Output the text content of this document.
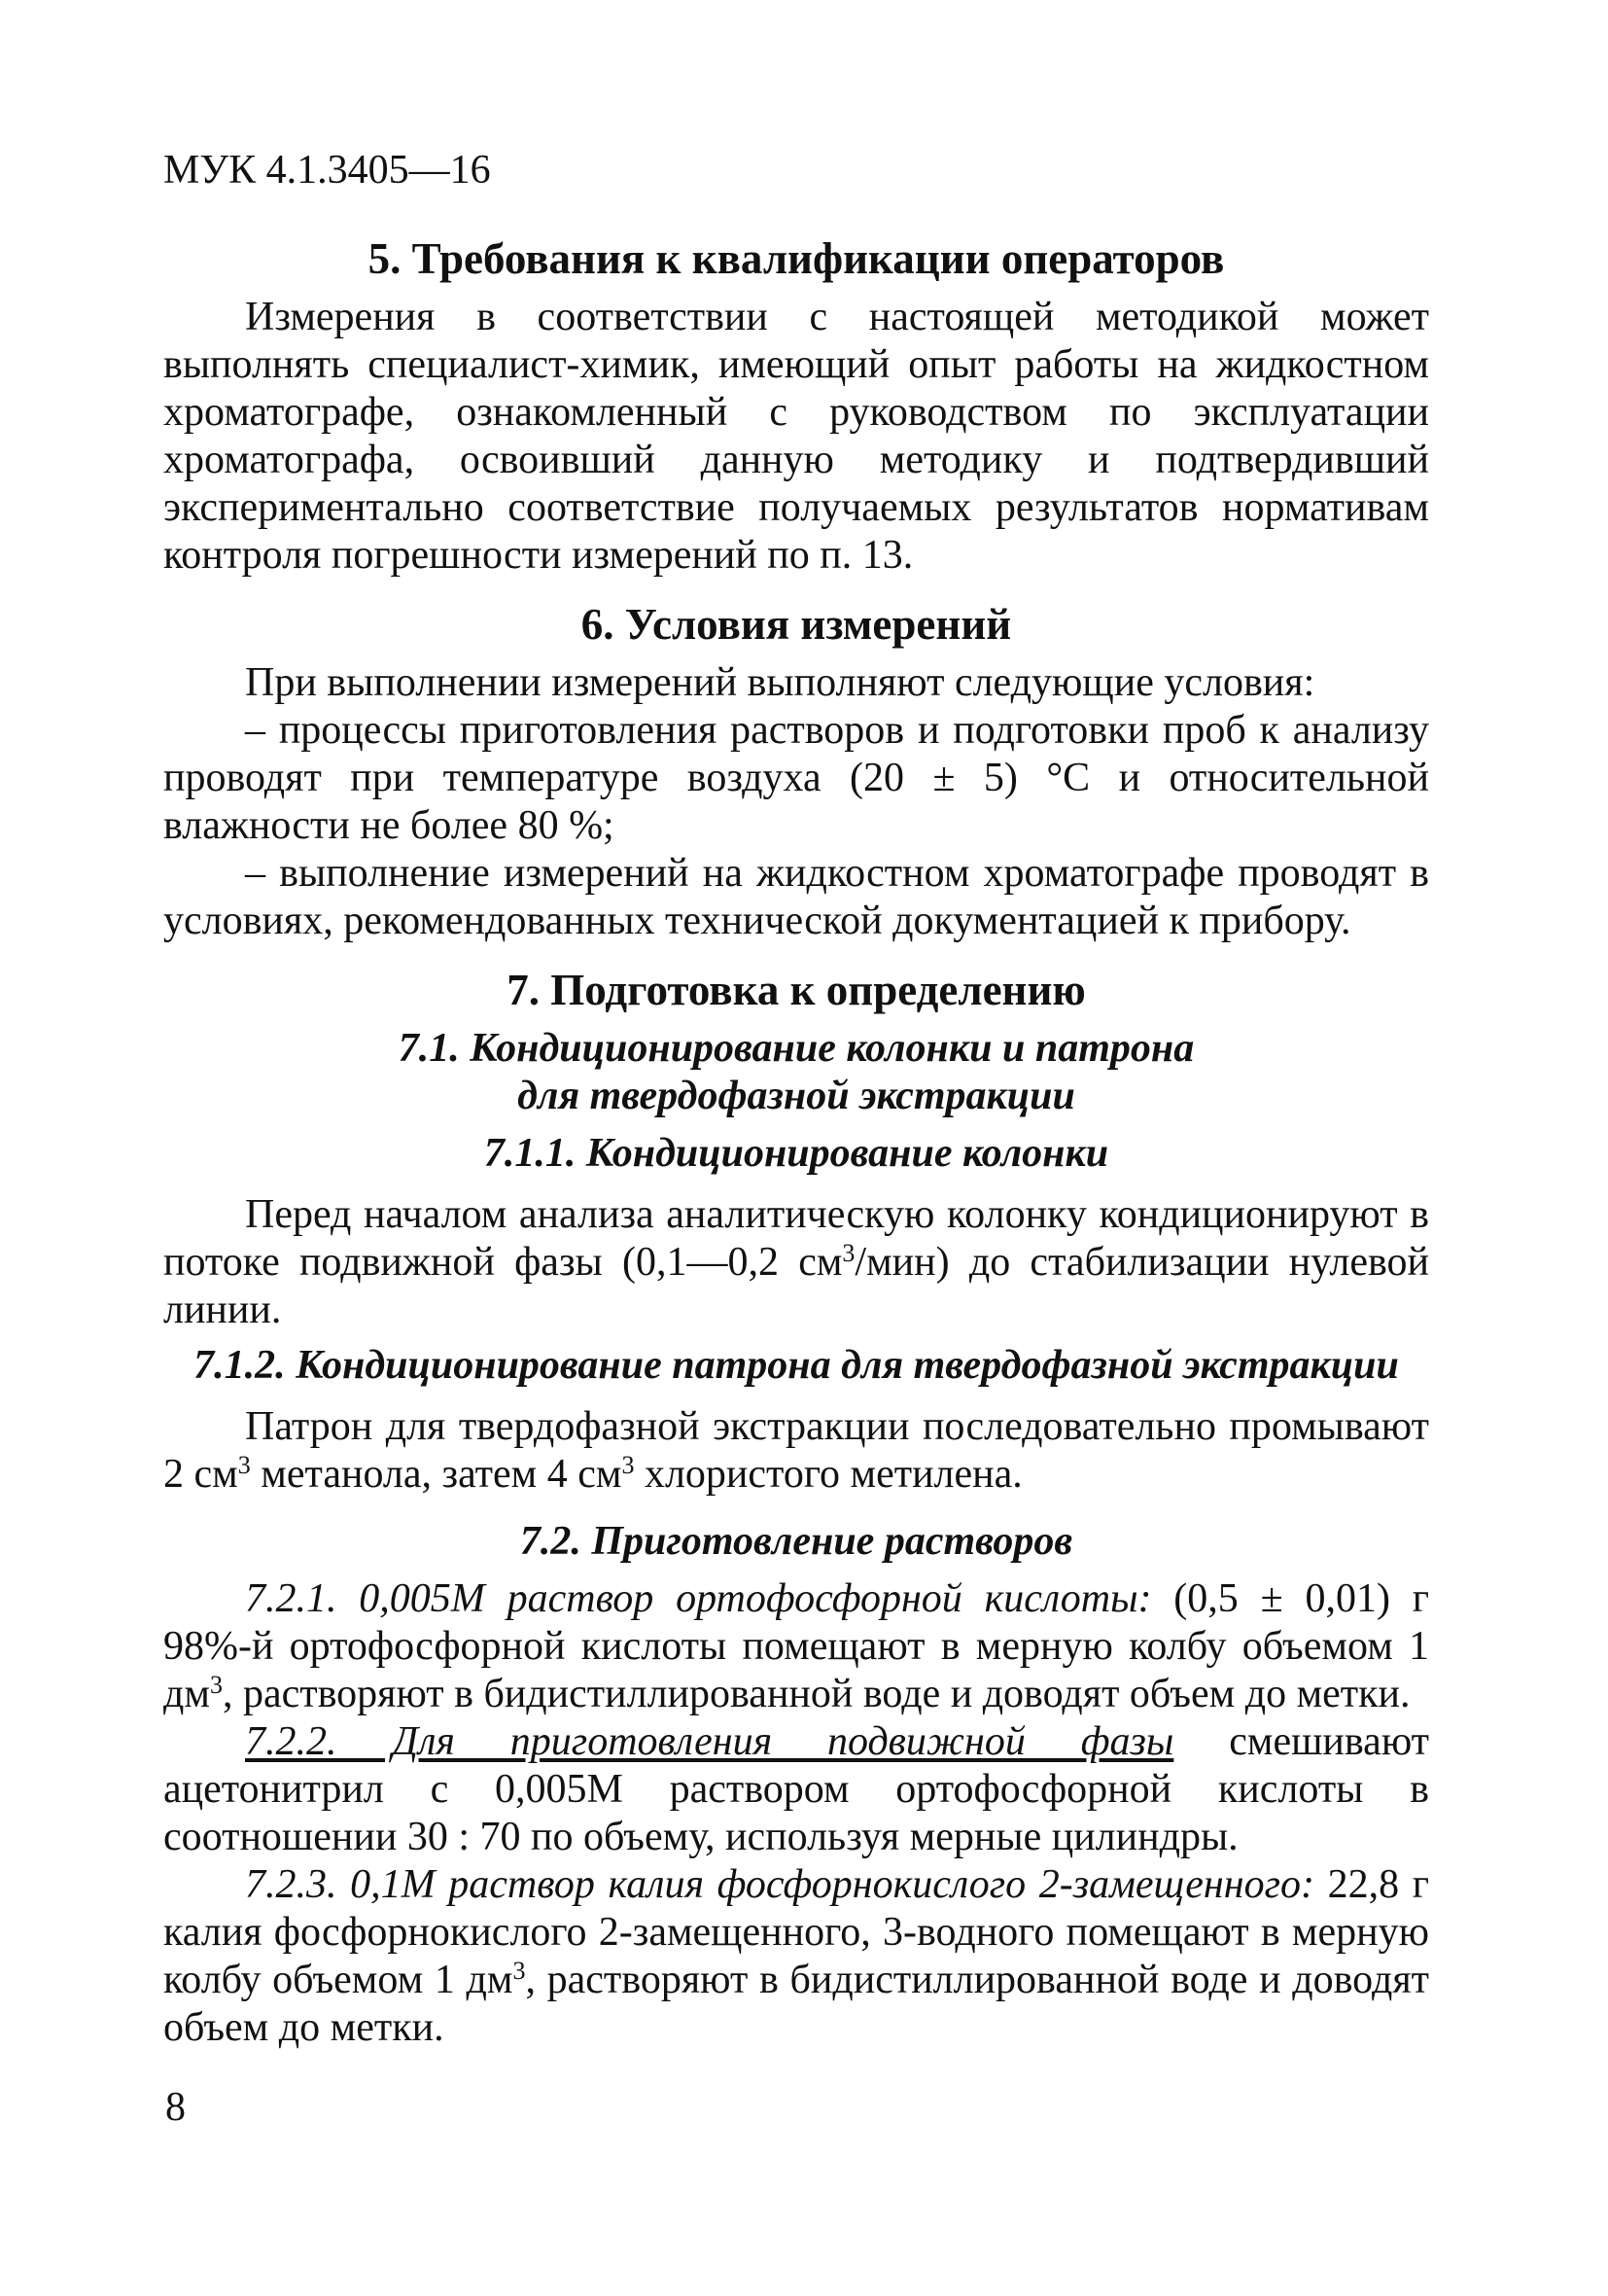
МУК 4.1.3405—16

5. Требования к квалификации операторов

Измерения в соответствии с настоящей методикой может выполнять специалист-химик, имеющий опыт работы на жидкостном хроматографе, ознакомленный с руководством по эксплуатации хроматографа, освоивший данную методику и подтвердивший экспериментально соответствие получаемых результатов нормативам контроля погрешности измерений по п. 13.

6. Условия измерений

При выполнении измерений выполняют следующие условия:

– процессы приготовления растворов и подготовки проб к анализу проводят при температуре воздуха (20 ± 5) °С и относительной влажности не более 80 %;

– выполнение измерений на жидкостном хроматографе проводят в условиях, рекомендованных технической документацией к прибору.

7. Подготовка к определению
7.1. Кондиционирование колонки и патрона
для твердофазной экстракции
7.1.1. Кондиционирование колонки

Перед началом анализа аналитическую колонку кондиционируют в потоке подвижной фазы (0,1—0,2 $см^3/мин$) до стабилизации нулевой линии.

7.1.2. Кондиционирование патрона для твердофазной экстракции

Патрон для твердофазной экстракции последовательно промывают 2 $см^3$ метанола, затем 4 $см^3$ хлористого метилена.

7.2. Приготовление растворов

7.2.1. 0,005М раствор ортофосфорной кислоты: (0,5 ± 0,01) г 98%-й ортофосфорной кислоты помещают в мерную колбу объемом 1 $дм^3$, растворяют в бидистиллированной воде и доводят объем до метки.

7.2.2. Для приготовления подвижной фазы смешивают ацетонитрил с 0,005М раствором ортофосфорной кислоты в соотношении 30 : 70 по объему, используя мерные цилиндры.

7.2.3. 0,1М раствор калия фосфорнокислого 2-замещенного: 22,8 г калия фосфорнокислого 2-замещенного, 3-водного помещают в мерную колбу объемом 1 $дм^3$, растворяют в бидистиллированной воде и доводят объем до метки.

8
